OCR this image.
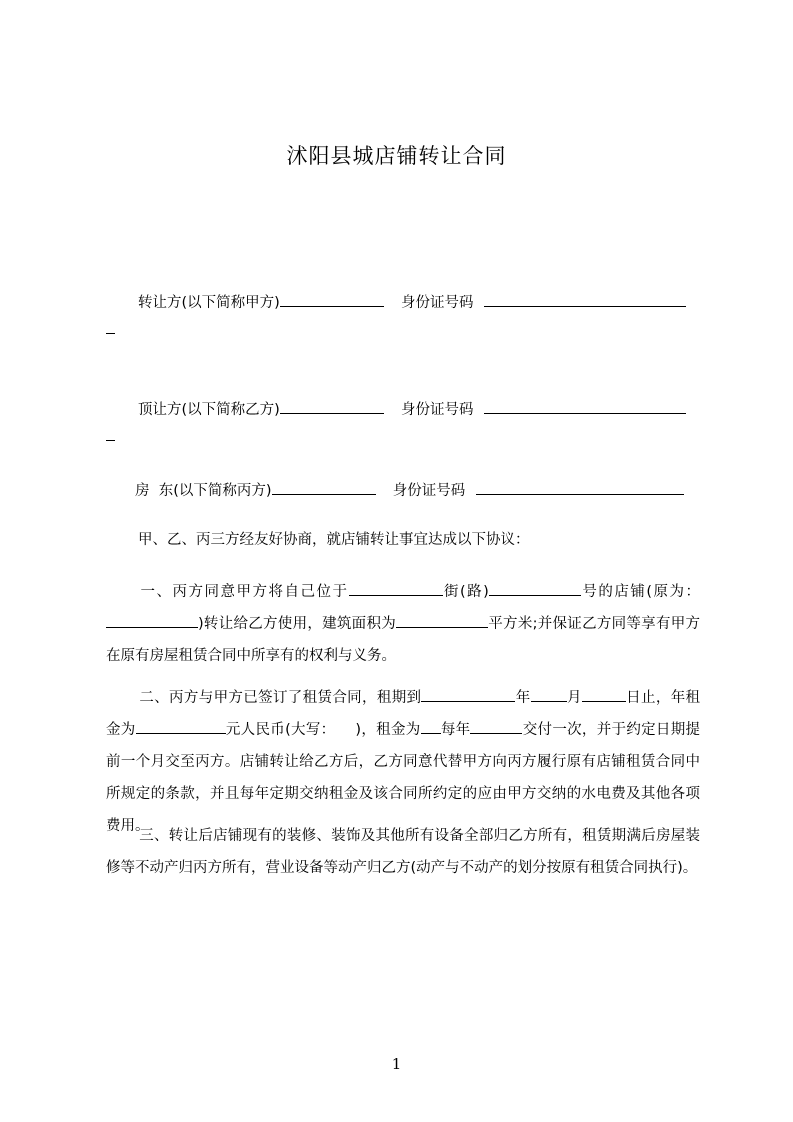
沭阳县城店铺转让合同
转让方(以下简称甲方)	身份证号码
顶让方(以下简称乙方)	身份证号码
房  东(以下简称丙方)	身份证号码
甲、乙、丙三方经友好协商，就店铺转让事宜达成以下协议：
一、丙方同意甲方将自己位于	街(路)	号的店铺(原为：)转让给乙方使用，建筑面积为	平方米;并保证乙方同等享有甲方在原有房屋租赁合同中所享有的权利与义务。
二、丙方与甲方已签订了租赁合同，租期到	年 月	日止，年租金为	元人民币(大写： )，租金为 每年	交付一次，并于约定日期提前一个月交至丙方。店铺转让给乙方后，乙方同意代替甲方向丙方履行原有店铺租赁合同中所规定的条款，并且每年定期交纳租金及该合同所约定的应由甲方交纳的水电费及其他各项费用。
三、转让后店铺现有的装修、装饰及其他所有设备全部归乙方所有，租赁期满后房屋装修等不动产归丙方所有，营业设备等动产归乙方(动产与不动产的划分按原有租赁合同执行)。
1
